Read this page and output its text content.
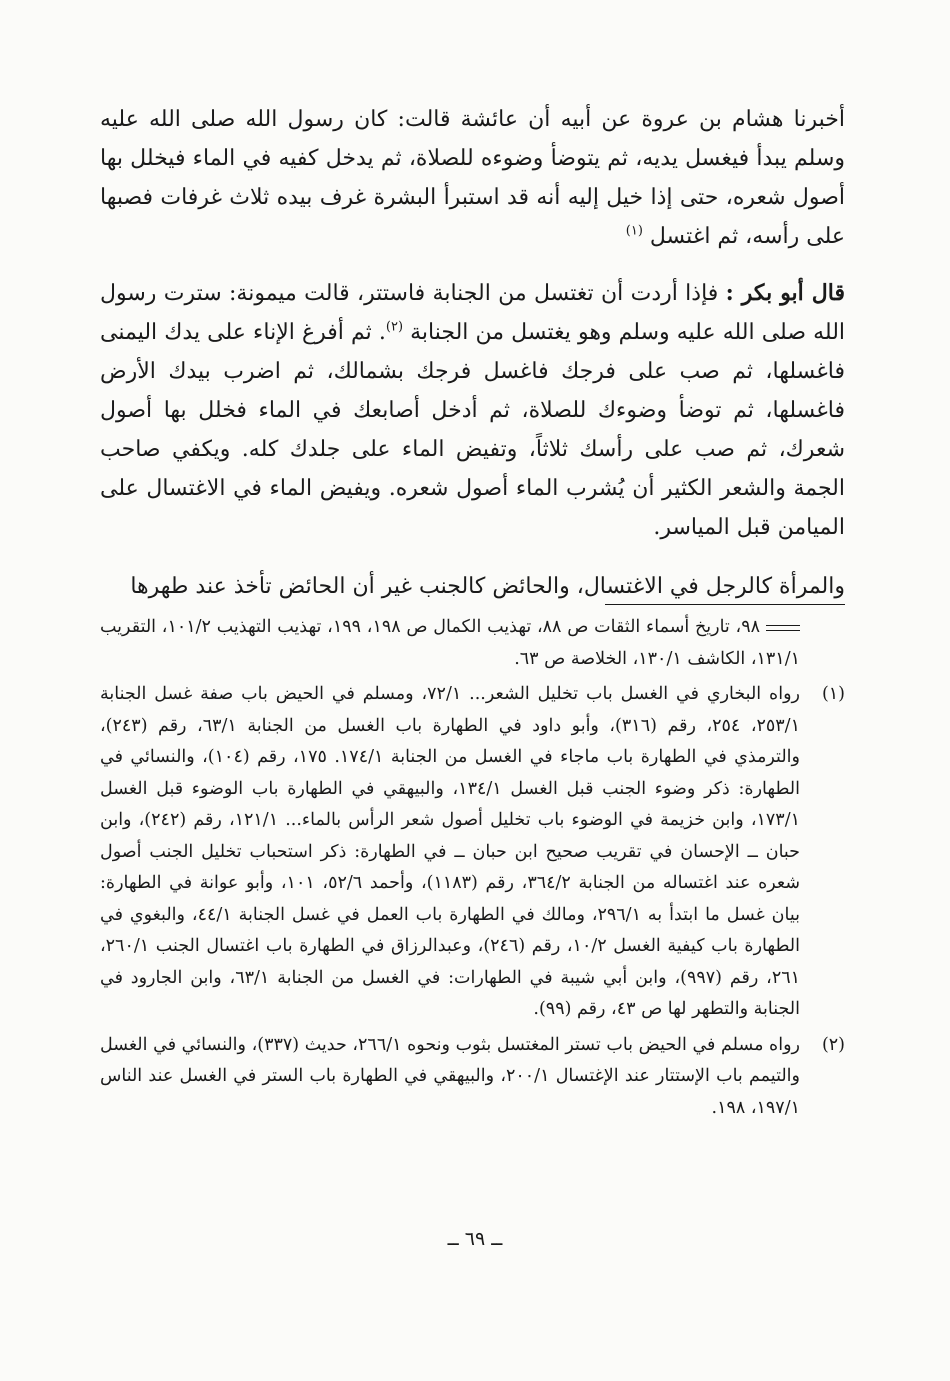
أخبرنا هشام بن عروة عن أبيه أن عائشة قالت: كان رسول الله صلى الله عليه وسلم يبدأ فيغسل يديه، ثم يتوضأ وضوءه للصلاة، ثم يدخل كفيه في الماء فيخلل بها أصول شعره، حتى إذا خيل إليه أنه قد استبرأ البشرة غرف بيده ثلاث غرفات فصبها على رأسه، ثم اغتسل $^{(١)}$

قال أبو بكر : فإذا أردت أن تغتسل من الجنابة فاستتر، قالت ميمونة: سترت رسول الله صلى الله عليه وسلم وهو يغتسل من الجنابة $^{(٢)}$. ثم أفرغ الإناء على يدك اليمنى فاغسلها، ثم صب على فرجك فاغسل فرجك بشمالك، ثم اضرب بيدك الأرض فاغسلها، ثم توضأ وضوءك للصلاة، ثم أدخل أصابعك في الماء فخلل بها أصول شعرك، ثم صب على رأسك ثلاثاً، وتفيض الماء على جلدك كله. ويكفي صاحب الجمة والشعر الكثير أن يُشرب الماء أصول شعره. ويفيض الماء في الاغتسال على الميامن قبل المياسر.

والمرأة كالرجل في الاغتسال، والحائض كالجنب غير أن الحائض تأخذ عند طهرها

٩٨، تاريخ أسماء الثقات ص ٨٨، تهذيب الكمال ص ١٩٨، ١٩٩، تهذيب التهذيب ١٠١/٢، التقريب ١٣١/١، الكاشف ١٣٠/١، الخلاصة ص ٦٣.
(١)
رواه البخاري في الغسل باب تخليل الشعر... ٧٢/١، ومسلم في الحيض باب صفة غسل الجنابة ٢٥٣/١، ٢٥٤، رقم (٣١٦)، وأبو داود في الطهارة باب الغسل من الجنابة ٦٣/١، رقم (٢٤٣)، والترمذي في الطهارة باب ماجاء في الغسل من الجنابة ١٧٤/١. ١٧٥، رقم (١٠٤)، والنسائي في الطهارة: ذكر وضوء الجنب قبل الغسل ١٣٤/١، والبيهقي في الطهارة باب الوضوء قبل الغسل ١٧٣/١، وابن خزيمة في الوضوء باب تخليل أصول شعر الرأس بالماء... ١٢١/١، رقم (٢٤٢)، وابن حبان ــ الإحسان في تقريب صحيح ابن حبان ــ في الطهارة: ذكر استحباب تخليل الجنب أصول شعره عند اغتساله من الجنابة ٣٦٤/٢، رقم (١١٨٣)، وأحمد ٥٢/٦، ١٠١، وأبو عوانة في الطهارة: بيان غسل ما ابتدأ به ٢٩٦/١، ومالك في الطهارة باب العمل في غسل الجنابة ٤٤/١، والبغوي في الطهارة باب كيفية الغسل ١٠/٢، رقم (٢٤٦)، وعبدالرزاق في الطهارة باب اغتسال الجنب ٢٦٠/١، ٢٦١، رقم (٩٩٧)، وابن أبي شيبة في الطهارات: في الغسل من الجنابة ٦٣/١، وابن الجارود في الجنابة والتطهر لها ص ٤٣، رقم (٩٩).
(٢)
رواه مسلم في الحيض باب تستر المغتسل بثوب ونحوه ٢٦٦/١، حديث (٣٣٧)، والنسائي في الغسل والتيمم باب الإستتار عند الإغتسال ٢٠٠/١، والبيهقي في الطهارة باب الستر في الغسل عند الناس ١٩٧/١، ١٩٨.
ــ ٦٩ ــ
